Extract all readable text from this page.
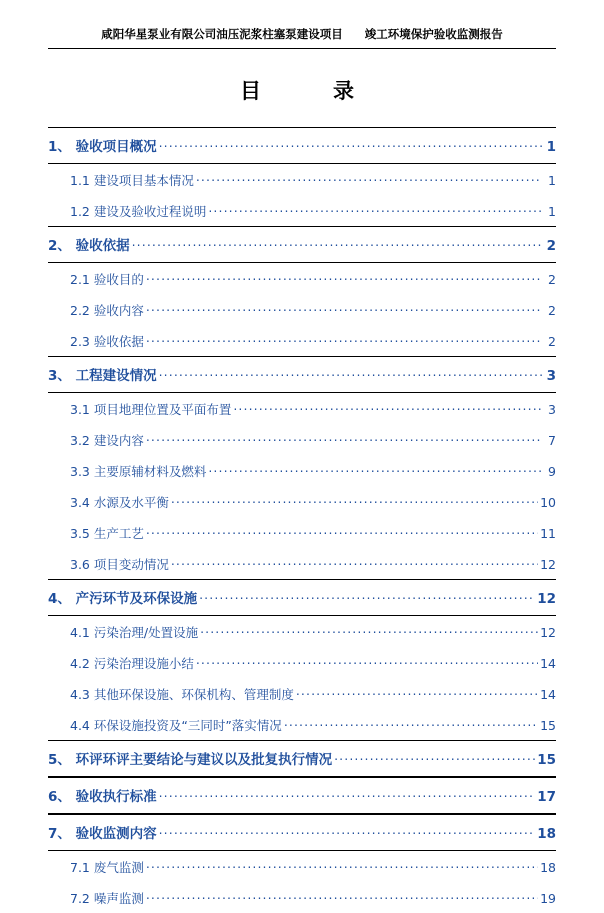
咸阳华星泵业有限公司油压泥浆柱塞泵建设项目 竣工环境保护验收监测报告
目　　录
1、 验收项目概况 .....	1
1.1 建设项目基本情况 .....	1
1.2 建设及验收过程说明 .....	1
2、 验收依据 .....	2
2.1 验收目的 .....	2
2.2 验收内容 .....	2
2.3 验收依据 .....	2
3、 工程建设情况 .....	3
3.1 项目地理位置及平面布置 .....	3
3.2 建设内容 .....	7
3.3 主要原辅材料及燃料 .....	9
3.4 水源及水平衡 .....	10
3.5 生产工艺 .....	11
3.6 项目变动情况 .....	12
4、 产污环节及环保设施 .....	12
4.1 污染治理/处置设施 .....	12
4.2 污染治理设施小结 .....	14
4.3 其他环保设施、环保机构、管理制度 .....	14
4.4 环保设施投资及“三同时”落实情况 .....	15
5、 环评环评主要结论与建议以及批复执行情况 .....	15
6、 验收执行标准 .....	17
7、 验收监测内容 .....	18
7.1 废气监测 .....	18
7.2 噪声监测 .....	19
